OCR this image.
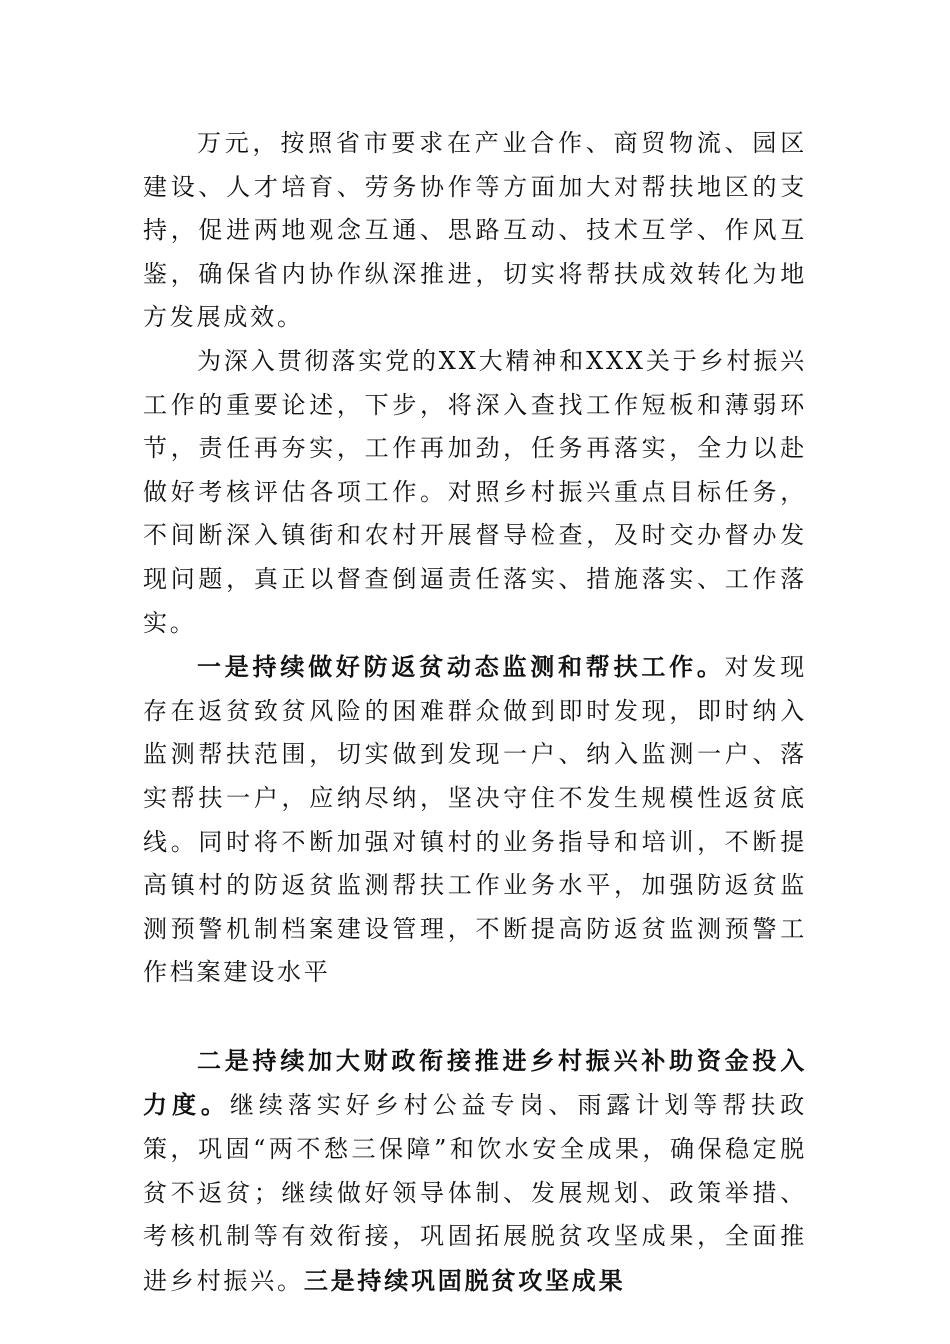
万元，按照省市要求在产业合作、商贸物流、园区建设、人才培育、劳务协作等方面加大对帮扶地区的支持，促进两地观念互通、思路互动、技术互学、作风互鉴，确保省内协作纵深推进，切实将帮扶成效转化为地方发展成效。

为深入贯彻落实党的XX大精神和XXX关于乡村振兴工作的重要论述，下步，将深入查找工作短板和薄弱环节，责任再夯实，工作再加劲，任务再落实，全力以赴做好考核评估各项工作。对照乡村振兴重点目标任务，不间断深入镇街和农村开展督导检查，及时交办督办发现问题，真正以督查倒逼责任落实、措施落实、工作落实。

一是持续做好防返贫动态监测和帮扶工作。对发现存在返贫致贫风险的困难群众做到即时发现，即时纳入监测帮扶范围，切实做到发现一户、纳入监测一户、落实帮扶一户，应纳尽纳，坚决守住不发生规模性返贫底线。同时将不断加强对镇村的业务指导和培训，不断提高镇村的防返贫监测帮扶工作业务水平，加强防返贫监测预警机制档案建设管理，不断提高防返贫监测预警工作档案建设水平

二是持续加大财政衔接推进乡村振兴补助资金投入力度。继续落实好乡村公益专岗、雨露计划等帮扶政策，巩固“两不愁三保障”和饮水安全成果，确保稳定脱贫不返贫；继续做好领导体制、发展规划、政策举措、考核机制等有效衔接，巩固拓展脱贫攻坚成果，全面推进乡村振兴。三是持续巩固脱贫攻坚成果
